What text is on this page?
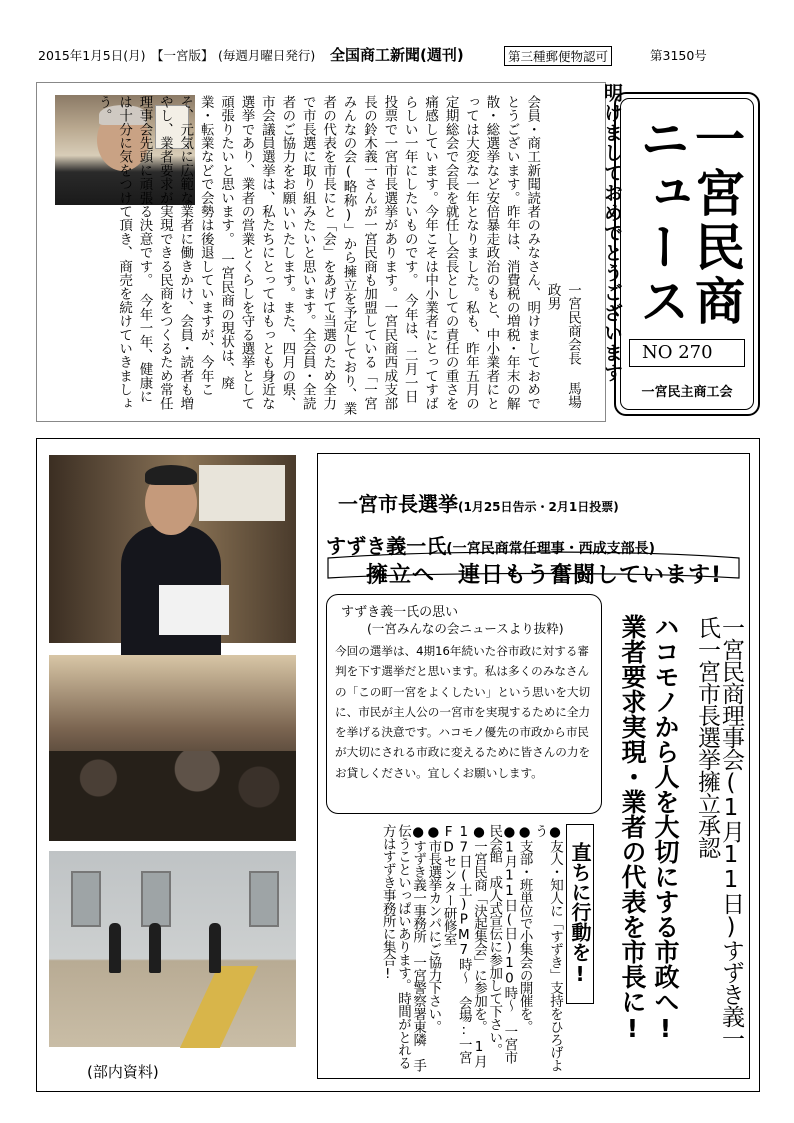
2015年1月5日(月) 【一宮版】 (毎週月曜日発行) 全国商工新聞(週刊)	第三種郵便物認可	第3150号
明けましておめでとうございます
一宮民商会長 馬場政男 会員・商工新聞読者のみなさん、明けましておめでとうございます。昨年は、消費税の増税・年末の解散・総選挙など安倍暴走政治のもと、中小業者にとっては大変な一年となりました。私も、昨年五月の定期総会で会長を就任し会長としての責任の重さを痛感しています。今年こそは中小業者にとってすばらしい一年にしたいものです。　今年は、二月一日投票で一宮市長選挙があります。一宮民商西成支部長の鈴木義一さんが一宮民商も加盟している「一宮みんなの会(略称)」から擁立を予定しており、業者の代表を市長にと「会」をあげて当選のため全力で市長選に取り組みたいと思います。全会員・全読者のご協力をお願いいたします。また、四月の県、市会議員選挙は、私たちにとってはもっとも身近な選挙であり、業者の営業とくらしを守る選挙として頑張りたいと思います。　一宮民商の現状は、廃業・転業などで会勢は後退していますが、今年こそ、元気に広範な業者に働きかけ、会員・読者も増やし、業者要求が実現できる民商をつくるため常任理事会先頭に頑張る決意です。　今年一年、健康には十分に気をつけて頂き、商売を続けていきましょう。
一宮民商ニュース
NO 270
一宮民主商工会
(部内資料)
一宮市長選挙(1月25日告示・2月1日投票)
すずき義一氏(一宮民商常任理事・西成支部長)
擁立へ　連日もう奮闘しています!
すずき義一氏の思い
(一宮みんなの会ニュースより抜粋)
今回の選挙は、4期16年続いた谷市政に対する審判を下す選挙だと思います。私は多くのみなさんの「この町一宮をよくしたい」という思いを大切に、市民が主人公の一宮市を実現するために全力を挙げる決意です。ハコモノ優先の市政から市民が大切にされる市政に変えるために皆さんの力をお貸しください。宜しくお願いします。	一宮民商理事会(1月11日)すずき義一氏一宮市長選挙擁立承認
ハコモノから人を大切にする市政へ!業者要求実現・業者の代表を市長に!
直ちに行動を!
●友人・知人に「すずき」支持をひろげよう
●支部・班単位で小集会の開催を。
●1月11日(日)10時～　一宮市民会館　成人式宣伝に参加して下さい。
●一宮民商「決起集会」に参加を。　1月17日(土)PM7時～　会場:一宮FDセンター研修室
●市長選挙カンパにご協力下さい。
●すずき義一事務所　一宮警察署東隣　手伝うこといっぱいあります。時間がとれる方はすずき事務所に集合!
